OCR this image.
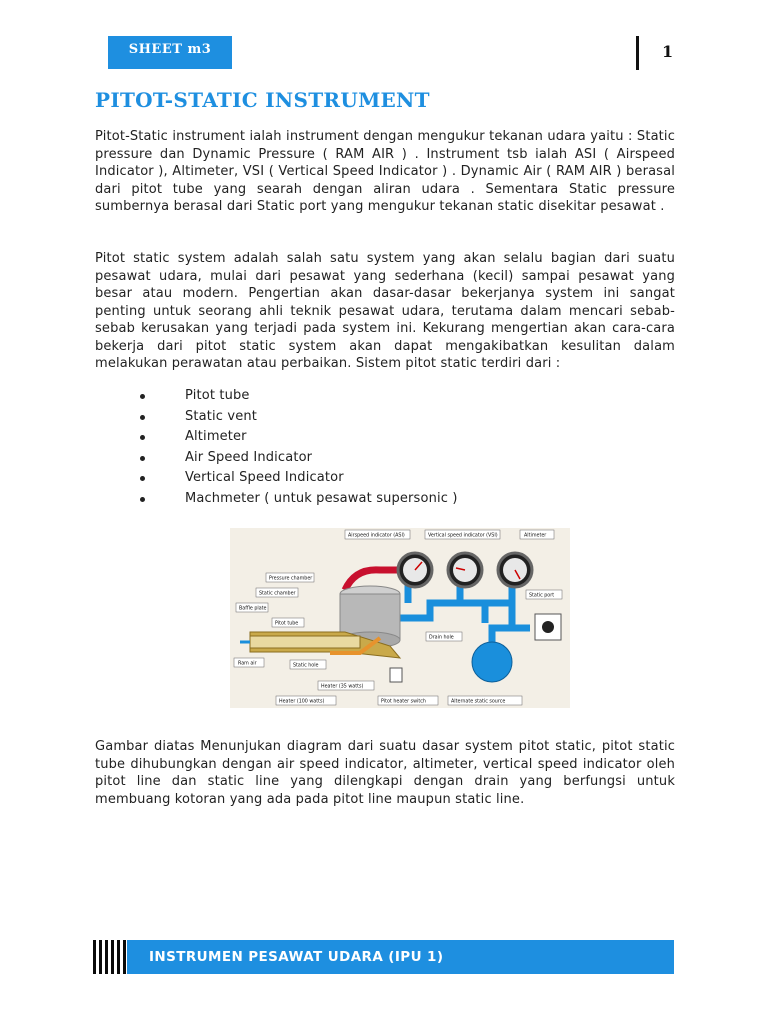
SHEET m3	1
PITOT-STATIC INSTRUMENT

Pitot-Static instrument ialah instrument dengan mengukur tekanan udara yaitu : Static pressure dan Dynamic Pressure ( RAM AIR ) . Instrument tsb ialah ASI ( Airspeed Indicator ), Altimeter, VSI ( Vertical Speed Indicator ) . Dynamic Air ( RAM AIR ) berasal dari pitot tube yang searah dengan aliran udara . Sementara Static pressure sumbernya berasal dari Static port yang mengukur tekanan static disekitar pesawat .

Pitot static system adalah salah satu system yang akan selalu bagian dari suatu pesawat udara, mulai dari pesawat yang sederhana (kecil) sampai pesawat yang besar atau modern. Pengertian akan dasar-dasar bekerjanya system ini sangat penting untuk seorang ahli teknik pesawat udara, terutama dalam mencari sebab-sebab kerusakan yang terjadi pada system ini. Kekurang mengertian akan cara-cara bekerja dari pitot static system akan dapat mengakibatkan kesulitan dalam melakukan perawatan atau perbaikan. Sistem pitot static terdiri dari :

Pitot tube
Static vent
Altimeter
Air Speed Indicator
Vertical Speed Indicator
Machmeter ( untuk pesawat supersonic )
Airspeed indicator (ASI)	Vertical speed indicator (VSI)	Altimeter
Pressure chamber
Static chamber
Baffle plate
Pitot tube
Static port
Drain hole
Ram air	Static hole
Heater (35 watts)
Heater (100 watts)	Pitot heater switch	Alternate static source

Gambar diatas Menunjukan diagram dari suatu dasar system pitot static, pitot static tube dihubungkan dengan air speed indicator, altimeter, vertical speed indicator oleh pitot line dan static line yang dilengkapi dengan drain yang berfungsi untuk membuang kotoran yang ada pada pitot line maupun static line.

INSTRUMEN PESAWAT UDARA (IPU 1)
